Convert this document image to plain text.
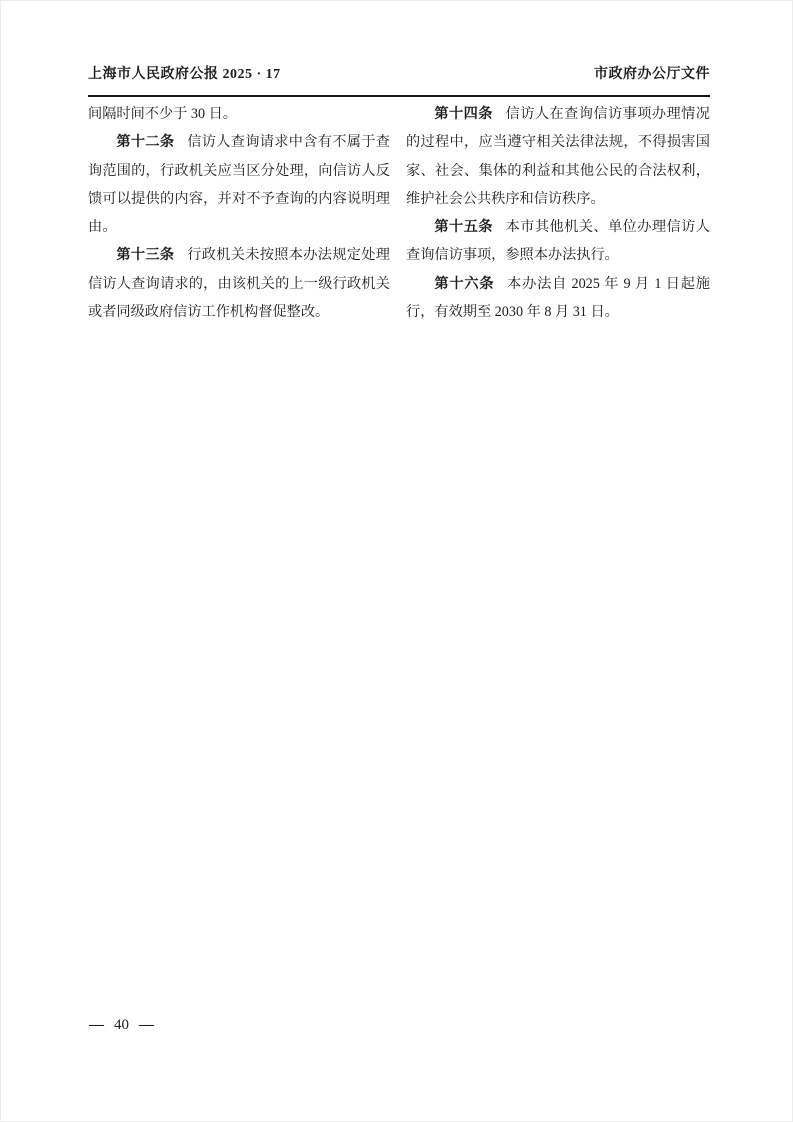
上海市人民政府公报 2025 · 17	市政府办公厅文件

间隔时间不少于 30 日。

第十二条 信访人查询请求中含有不属于查询范围的，行政机关应当区分处理，向信访人反馈可以提供的内容，并对不予查询的内容说明理由。

第十三条 行政机关未按照本办法规定处理信访人查询请求的，由该机关的上一级行政机关或者同级政府信访工作机构督促整改。

第十四条 信访人在查询信访事项办理情况的过程中，应当遵守相关法律法规，不得损害国家、社会、集体的利益和其他公民的合法权利，维护社会公共秩序和信访秩序。

第十五条 本市其他机关、单位办理信访人查询信访事项，参照本办法执行。

第十六条 本办法自 2025 年 9 月 1 日起施行，有效期至 2030 年 8 月 31 日。

— 40 —
